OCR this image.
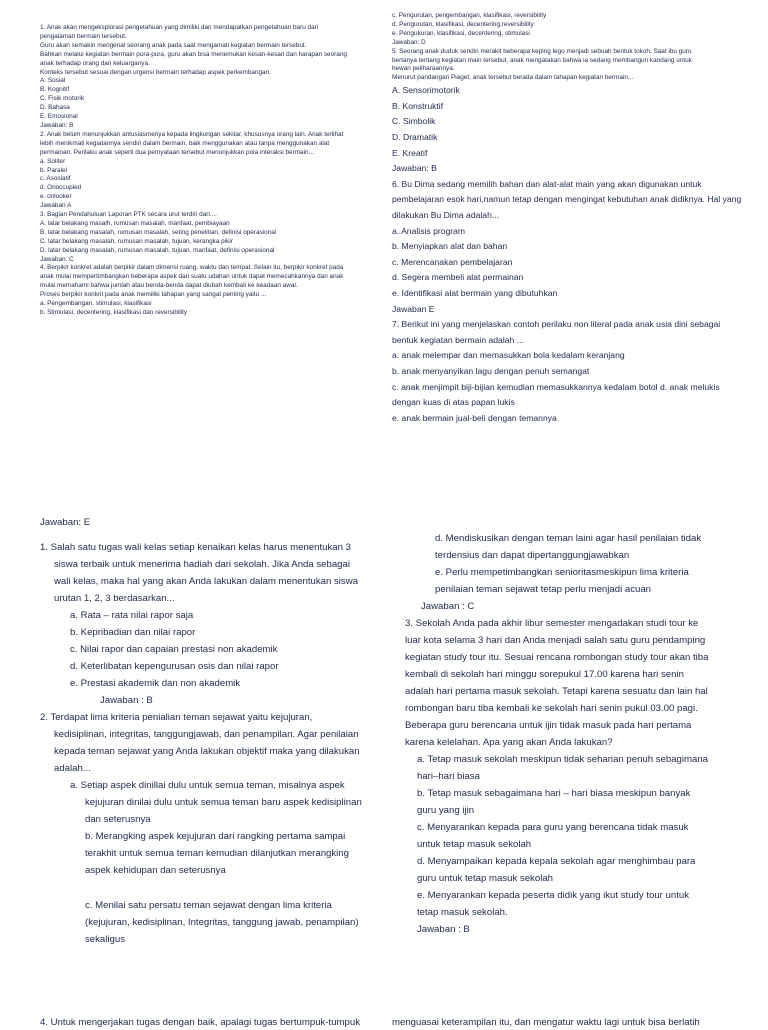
1. Anak akan mengeksplorasi pengetahuan yang dimiliki dan mendapatkan pengetahuan baru dari

pengalaman bermain tersebut.

Guru akan semakin mengenal seorang anak pada saat mengamati kegiatan bermain tersebut.

Bahkan melalui kegiatan bermain pura-pura, guru akan bisa menemukan kesan-kesan dan harapan seorang

anak terhadap orang dan keluarganya.

Konteks tersebut sesuai dengan urgensi bermain terhadap aspek perkembangan:

A. Sosial

B. Kognitif

C. Fisik motorik

D. Bahasa

E. Emosional

Jawaban: B

2. Anak belum menunjukkan antusiasmenya kepada lingkungan sekitar, khususnya orang lain. Anak terlihat

lebih menikmati kegiatannya sendiri dalam bermain, baik menggunakan atau tanpa menggunakan alat

permainan. Perilaku anak seperti dua pernyataan tersebut menunjukkan pola interaksi bermain...

a. Soliter

b. Paralel

c. Asosiatif

d. Onoccupied

e. onlooker

Jawaban A

3. Bagian Pendahuluan Laporan PTK secara urut terdiri dari....

A. latar belakang masalh, rumusan masalah, manfaat, pembiayaan

B. latar belakang masalah, rumusan masalah, seting penelitian, definisi operasional

C. latar belakang masalah, rumusan masalah, tujuan, kerangka pikir

D. latar belakang masalah, rumusan masalah, tujuan, manfaat, definisi operasional

Jawaban: C

4. Berpikir konkret adalah berpikir dalam dimensi ruang, waktu dan tempat. Selain itu, berpikir konkret pada

anak mulai mempertimbangkan beberapa aspek dari suatu udahan untuk dapat memecahkannya dan anak

mulai memahami bahwa jumlah atau benda-benda dapat diubah kembali ke keadaan awal.

Proses berpikir konkrit pada anak memiliki tahapan yang sangat penting yaitu ...

a. Pengembangan, stimulasi, klasifikasi

b. Stimulasi, decentering, klasifikasi dan reversibility

c. Pengurutan, pengembangan, klasifikasi, reversibility

d. Pengurutan, klasifikasi, decentering,reversibility

e. Pengukuran, klasifikasi, decentering, stimulasi

Jawaban: D

5. Seorang anak duduk sendiri merakit beberapa keping lego menjadi sebuah bentuk tokoh. Saat ibu guru

bertanya tentang kegiatan main tersebut, anak mengatakan bahwa ia sedang membangun kandang untuk

hewan peliharaannya.

Menurut pandangan Piaget, anak tersebut berada dalam tahapan kegiatan bermain...

A. Sensorimotorik

B. Konstruktif

C. Simbolik

D. Dramatik

E. Kreatif

Jawaban: B

6. Bu Dima sedang memilih bahan dan alat-alat main yang akan digunakan untuk

pembelajaran esok hari,namun tetap dengan mengingat kebutuhan anak didiknya. Hal yang

dilakukan Bu Dima adalah...

a. Analisis program

b. Menyiapkan alat dan bahan

c. Merencanakan pembelajaran

d. Segera membeli alat permainan

e. Identifikasi alat bermain yang dibutuhkan

Jawaban E

7. Berikut ini yang menjelaskan contoh perilaku non literal pada anak usia dini sebagai

bentuk kegiatan bermain adalah ...

a. anak melempar dan memasukkan bola kedalam keranjang

b. anak menyanyikan lagu dengan penuh semangat

c. anak menjimpit biji-bijian kemudian memasukkannya kedalam botol d. anak melukis

dengan kuas di atas papan lukis

e. anak bermain jual-beli dengan temannya

Jawaban: E

1. Salah satu tugas wali kelas setiap kenaikan kelas harus menentukan 3

siswa terbaik untuk menerima hadiah dari sekolah. Jika Anda sebagai

wali kelas, maka hal yang akan Anda lakukan dalam menentukan siswa

urutan 1, 2, 3 berdasarkan...

a. Rata – rata nilai rapor saja

b. Kepribadian dan nilai rapor

c. Nilai rapor dan capaian prestasi non akademik

d. Keterlibatan kepengurusan osis dan nilai rapor

e. Prestasi akademik dan non akademik

Jawaban : B

2. Terdapat lima kriteria penialian teman sejawat yaitu kejujuran,

kedisiplinan, integritas, tanggungjawab, dan penampilan. Agar penilaian

kepada teman sejawat yang Anda lakukan objektif maka yang dilakukan

adalah...

a. Setiap aspek dinillai dulu untuk semua teman, misalnya aspek

kejujuran dinilai dulu untuk semua teman baru aspek kedisiplinan

dan seterusnya

b. Merangking aspek kejujuran dari rangking pertama sampai

terakhit untuk semua teman kemudian dilanjutkan merangking

aspek kehidupan dan seterusnya

c. Menilai satu persatu teman sejawat dengan lima kriteria

(kejujuran, kedisiplinan, Integritas, tanggung jawab, penampilan)

sekaligus

d. Mendiskusikan dengan teman laini agar hasil penilaian tidak

terdensius dan dapat dipertanggungjawabkan

e. Perlu mempetimbangkan senioritasmeskipun lima kriteria

penilaian teman sejawat tetap perlu menjadi acuan

Jawaban : C

3. Sekolah Anda pada akhir libur semester mengadakan studi tour ke

luar kota selama 3 hari dan Anda menjadi salah satu guru pendamping

kegiatan study tour itu. Sesuai rencana rombongan study tour akan tiba

kembali di sekolah hari minggu sorepukul 17.00 karena hari senin

adalah hari pertama masuk sekolah. Tetapi karena sesuatu dan lain hal

rombongan baru tiba kembali ke sekolah hari senin pukul 03.00 pagi.

Beberapa guru berencana untuk ijin tidak masuk pada hari pertama

karena kelelahan. Apa yang akan Anda lakukan?

a. Tetap masuk sekolah meskipun tidak seharian penuh sebagimana

hari–hari biasa

b. Tetap masuk sebagaimana hari – hari biasa meskipun banyak

guru yang ijin

c. Menyarankan kepada para guru yang berencana tidak masuk

untuk tetap masuk sekolah

d. Menyampaikan kepada kepala sekolah agar menghimbau para

guru untuk tetap masuk sekolah

e. Menyarankan kepada peserta didik yang ikut study tour untuk

tetap masuk sekolah.

Jawaban : B

4. Untuk mengerjakan tugas dengan baik, apalagi tugas bertumpuk-tumpuk	menguasai keterampilan itu, dan mengatur waktu lagi untuk bisa berlatih
